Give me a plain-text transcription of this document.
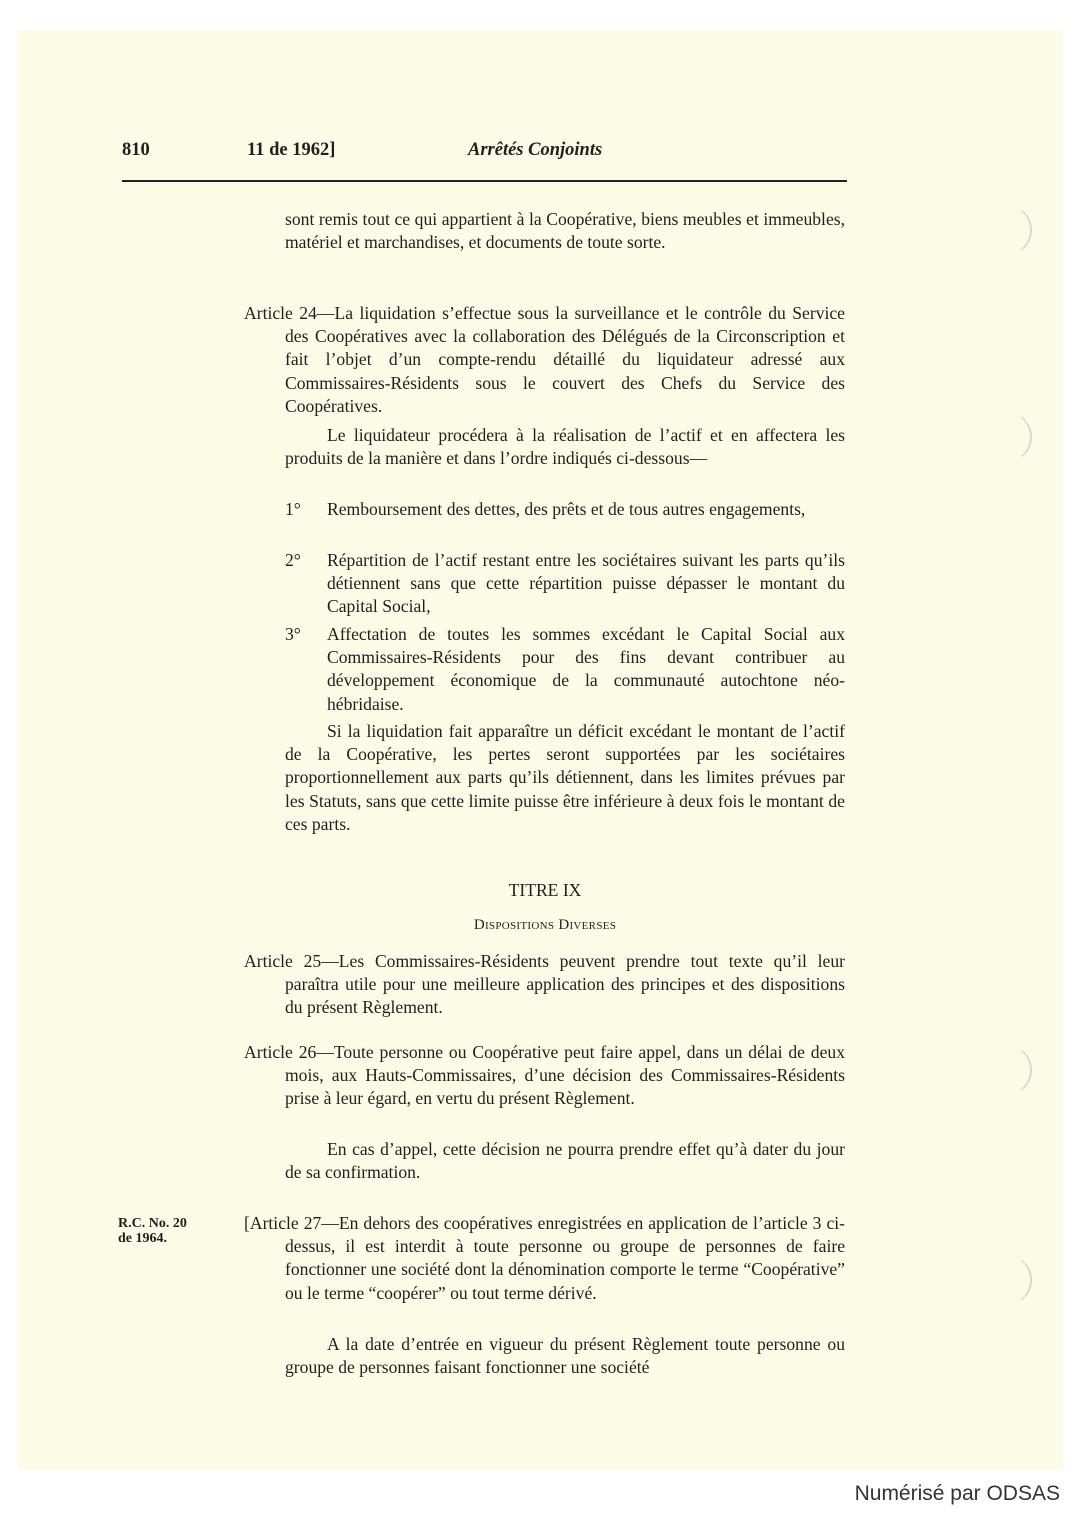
810	11 de 1962]	Arrêtés Conjoints
sont remis tout ce qui appartient à la Coopérative, biens meubles et immeubles, matériel et marchandises, et documents de toute sorte.
Article 24—La liquidation s’effectue sous la surveillance et le contrôle du Service des Coopératives avec la collaboration des Délégués de la Circonscription et fait l’objet d’un compte-rendu détaillé du liquidateur adressé aux Commissaires-Résidents sous le couvert des Chefs du Service des Coopératives.
Le liquidateur procédera à la réalisation de l’actif et en affectera les produits de la manière et dans l’ordre indiqués ci-dessous—
1° Remboursement des dettes, des prêts et de tous autres engagements,
2° Répartition de l’actif restant entre les sociétaires suivant les parts qu’ils détiennent sans que cette répartition puisse dépasser le montant du Capital Social,
3° Affectation de toutes les sommes excédant le Capital Social aux Commissaires-Résidents pour des fins devant contribuer au développement économique de la communauté autochtone néo-hébridaise.
Si la liquidation fait apparaître un déficit excédant le montant de l’actif de la Coopérative, les pertes seront supportées par les sociétaires proportionnellement aux parts qu’ils détiennent, dans les limites prévues par les Statuts, sans que cette limite puisse être inférieure à deux fois le montant de ces parts.
TITRE IX
Dispositions Diverses
Article 25—Les Commissaires-Résidents peuvent prendre tout texte qu’il leur paraîtra utile pour une meilleure application des principes et des dispositions du présent Règlement.
Article 26—Toute personne ou Coopérative peut faire appel, dans un délai de deux mois, aux Hauts-Commissaires, d’une décision des Commissaires-Résidents prise à leur égard, en vertu du présent Règlement.
En cas d’appel, cette décision ne pourra prendre effet qu’à dater du jour de sa confirmation.
R.C. No. 20
de 1964.
[Article 27—En dehors des coopératives enregistrées en application de l’article 3 ci-dessus, il est interdit à toute personne ou groupe de personnes de faire fonctionner une société dont la dénomination comporte le terme “Coopérative” ou le terme “coopérer” ou tout terme dérivé.
A la date d’entrée en vigueur du présent Règlement toute personne ou groupe de personnes faisant fonctionner une société
Numérisé par ODSAS
